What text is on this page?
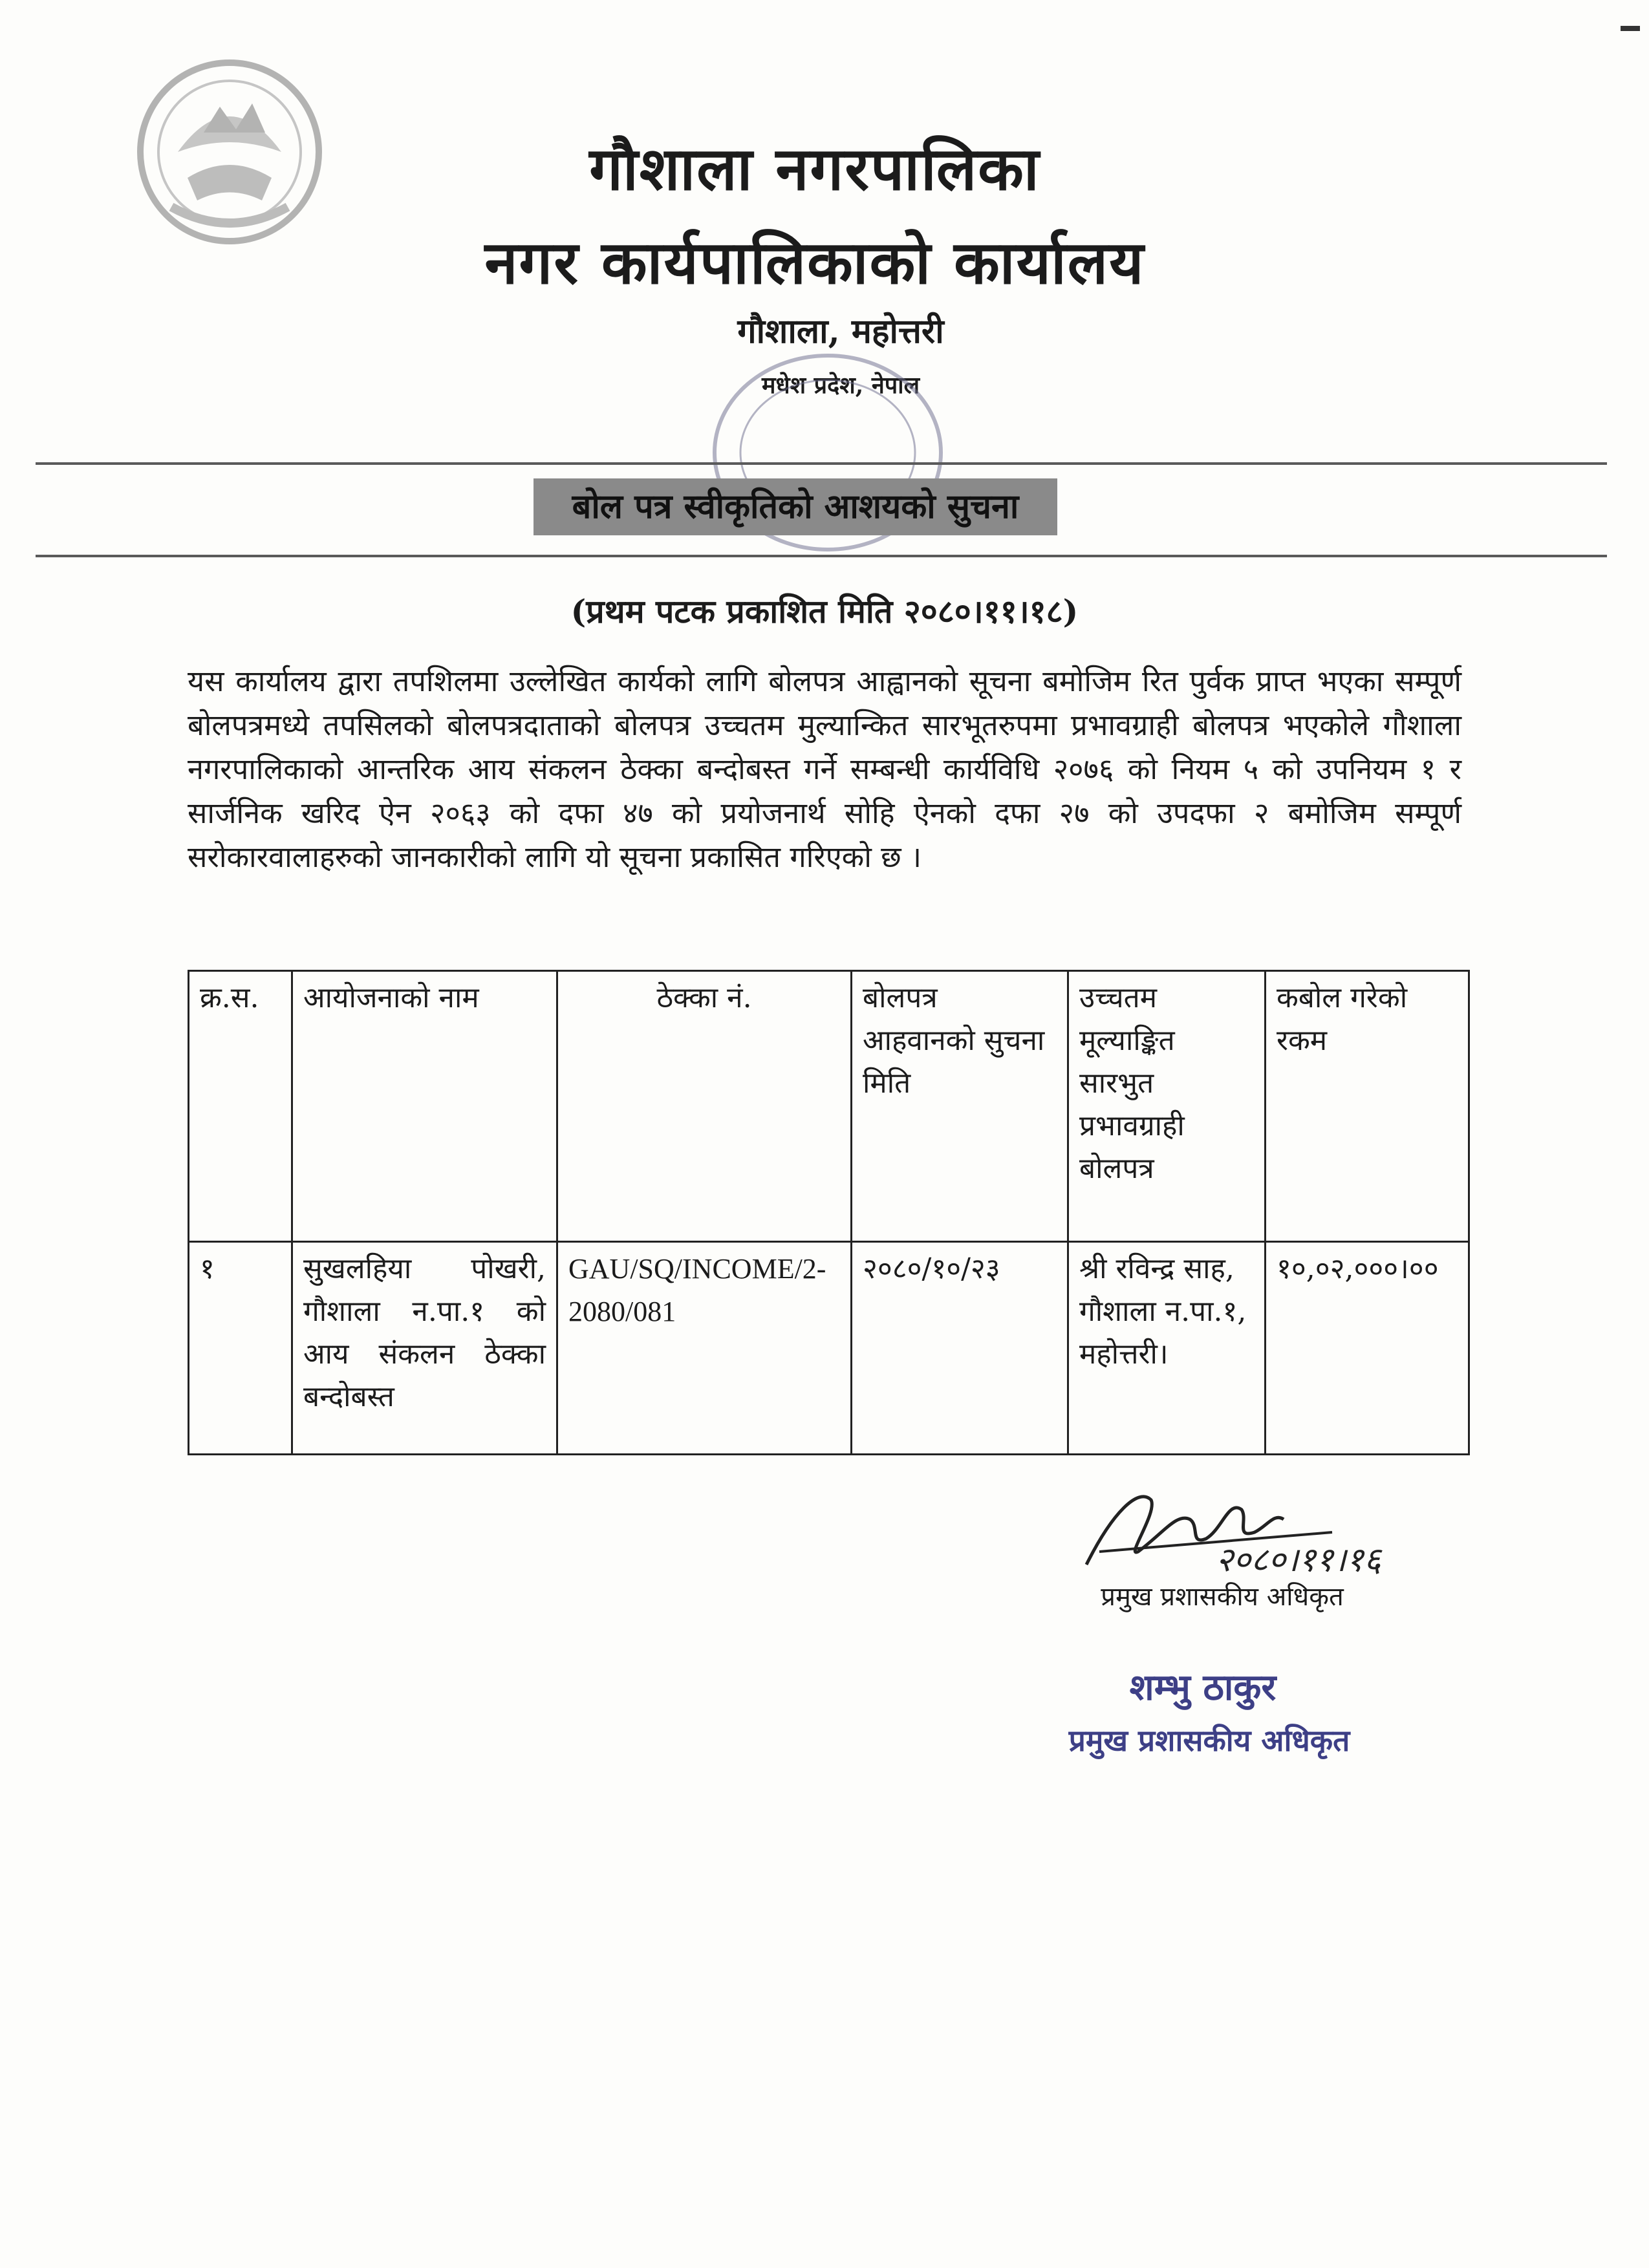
गौशाला नगरपालिका
नगर कार्यपालिकाको कार्यालय
गौशाला, महोत्तरी
मधेश प्रदेश, नेपाल
बोल पत्र स्वीकृतिको आशयको सुचना
(प्रथम पटक प्रकाशित मिति २०८०।११।१८)
यस कार्यालय द्वारा तपशिलमा उल्लेखित कार्यको लागि बोलपत्र आह्वानको सूचना बमोजिम रित पुर्वक प्राप्त भएका सम्पूर्ण बोलपत्रमध्ये तपसिलको बोलपत्रदाताको बोलपत्र उच्चतम मुल्यान्कित सारभूतरुपमा प्रभावग्राही बोलपत्र भएकोले गौशाला नगरपालिकाको आन्तरिक आय संकलन ठेक्का बन्दोबस्त गर्ने सम्बन्धी कार्यविधि २०७६ को नियम ५ को उपनियम १ र सार्जनिक खरिद ऐन २०६३ को दफा ४७ को प्रयोजनार्थ सोहि ऐनको दफा २७ को उपदफा २ बमोजिम सम्पूर्ण सरोकारवालाहरुको जानकारीको लागि यो सूचना प्रकासित गरिएको छ ।
क्र.स.	आयोजनाको नाम	ठेक्का नं.	बोलपत्र आहवानको सुचना मिति	उच्चतम मूल्याङ्कित सारभुत प्रभावग्राही बोलपत्र	कबोल गरेको रकम
१	सुखलहिया पोखरी, गौशाला न.पा.१ को आय संकलन ठेक्का बन्दोबस्त	GAU/SQ/INCOME/2-2080/081	२०८०/१०/२३	श्री रविन्द्र साह, गौशाला न.पा.१, महोत्तरी।	१०,०२,०००।००
२०८०।११।१६
प्रमुख प्रशासकीय अधिकृत
शम्भु ठाकुर
प्रमुख प्रशासकीय अधिकृत
